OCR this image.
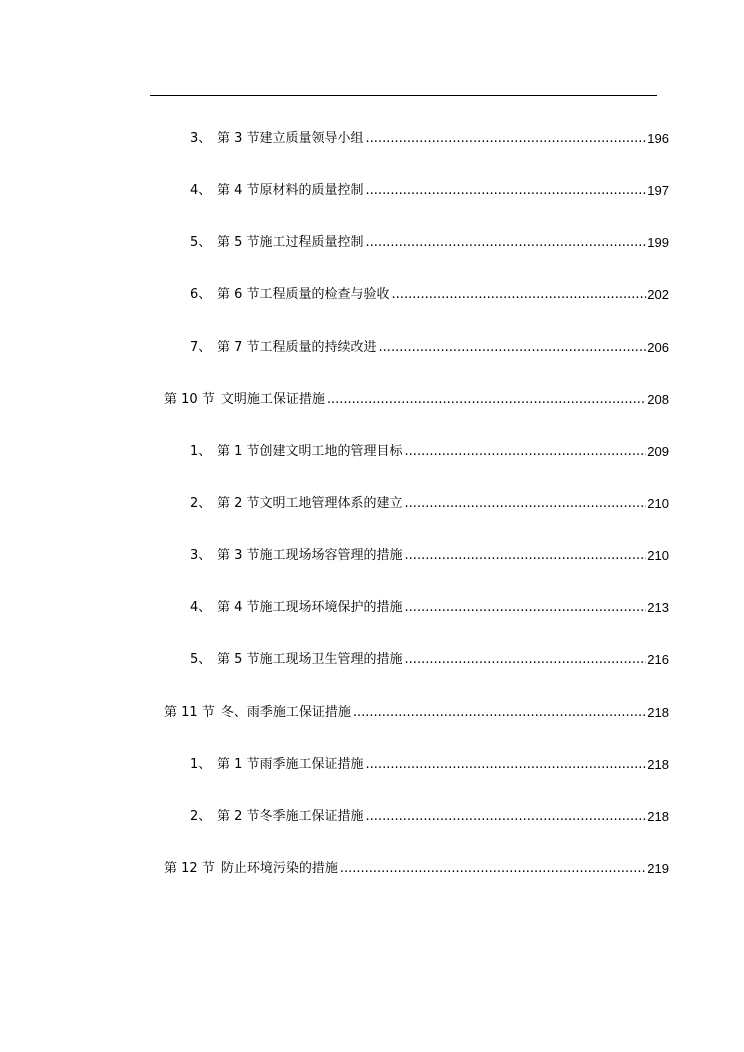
3、 第 3 节建立质量领导小组 .....	196
4、 第 4 节原材料的质量控制 .....	197
5、 第 5 节施工过程质量控制 .....	199
6、 第 6 节工程质量的检查与验收 .....	202
7、 第 7 节工程质量的持续改进 .....	206
第 10 节 文明施工保证措施 .....	208
1、 第 1 节创建文明工地的管理目标 .....	209
2、 第 2 节文明工地管理体系的建立 .....	210
3、 第 3 节施工现场场容管理的措施 .....	210
4、 第 4 节施工现场环境保护的措施 .....	213
5、 第 5 节施工现场卫生管理的措施 .....	216
第 11 节 冬、雨季施工保证措施 .....	218
1、 第 1 节雨季施工保证措施 .....	218
2、 第 2 节冬季施工保证措施 .....	218
第 12 节 防止环境污染的措施 .....	219
